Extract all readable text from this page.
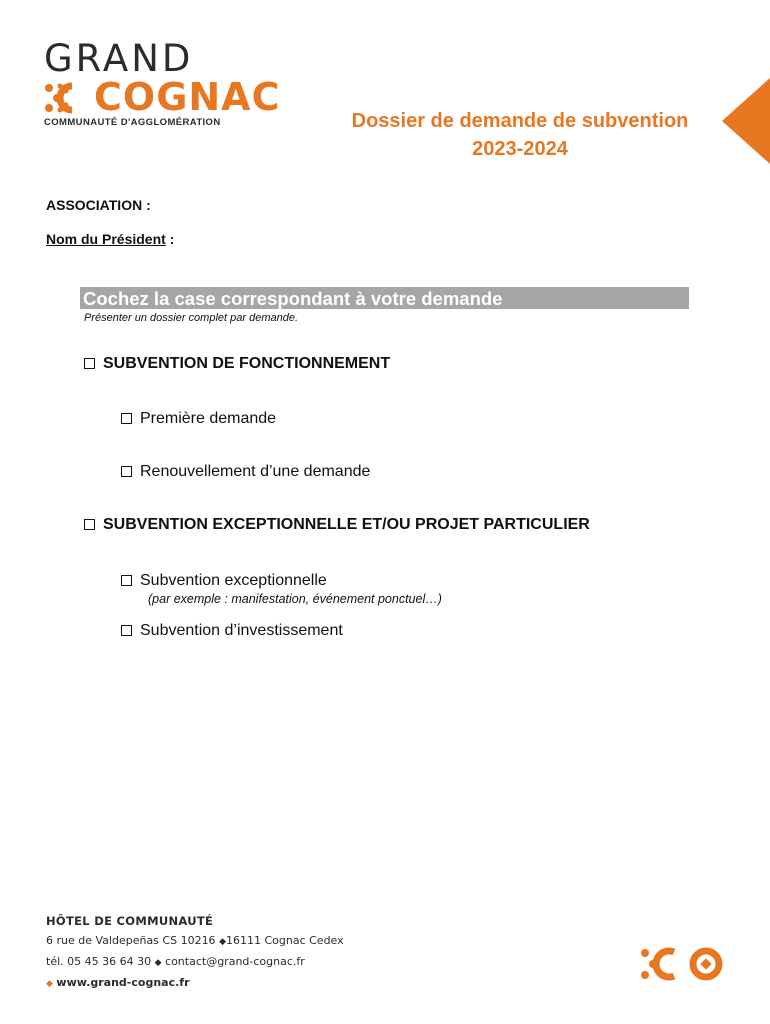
GRAND
COGNAC
COMMUNAUTÉ D'AGGLOMÉRATION	Dossier de demande de subvention
2023-2024
ASSOCIATION :
Nom du Président :
Cochez la case correspondant à votre demande
Présenter un dossier complet par demande.
SUBVENTION DE FONCTIONNEMENT
Première demande
Renouvellement d’une demande
SUBVENTION EXCEPTIONNELLE ET/OU PROJET PARTICULIER
Subvention exceptionnelle
(par exemple : manifestation, événement ponctuel…)
Subvention d’investissement
HÔTEL DE COMMUNAUTÉ
6 rue de Valdepeñas CS 10216 ◆16111 Cognac Cedex
tél. 05 45 36 64 30 ◆ contact@grand-cognac.fr
◆ www.grand-cognac.fr
